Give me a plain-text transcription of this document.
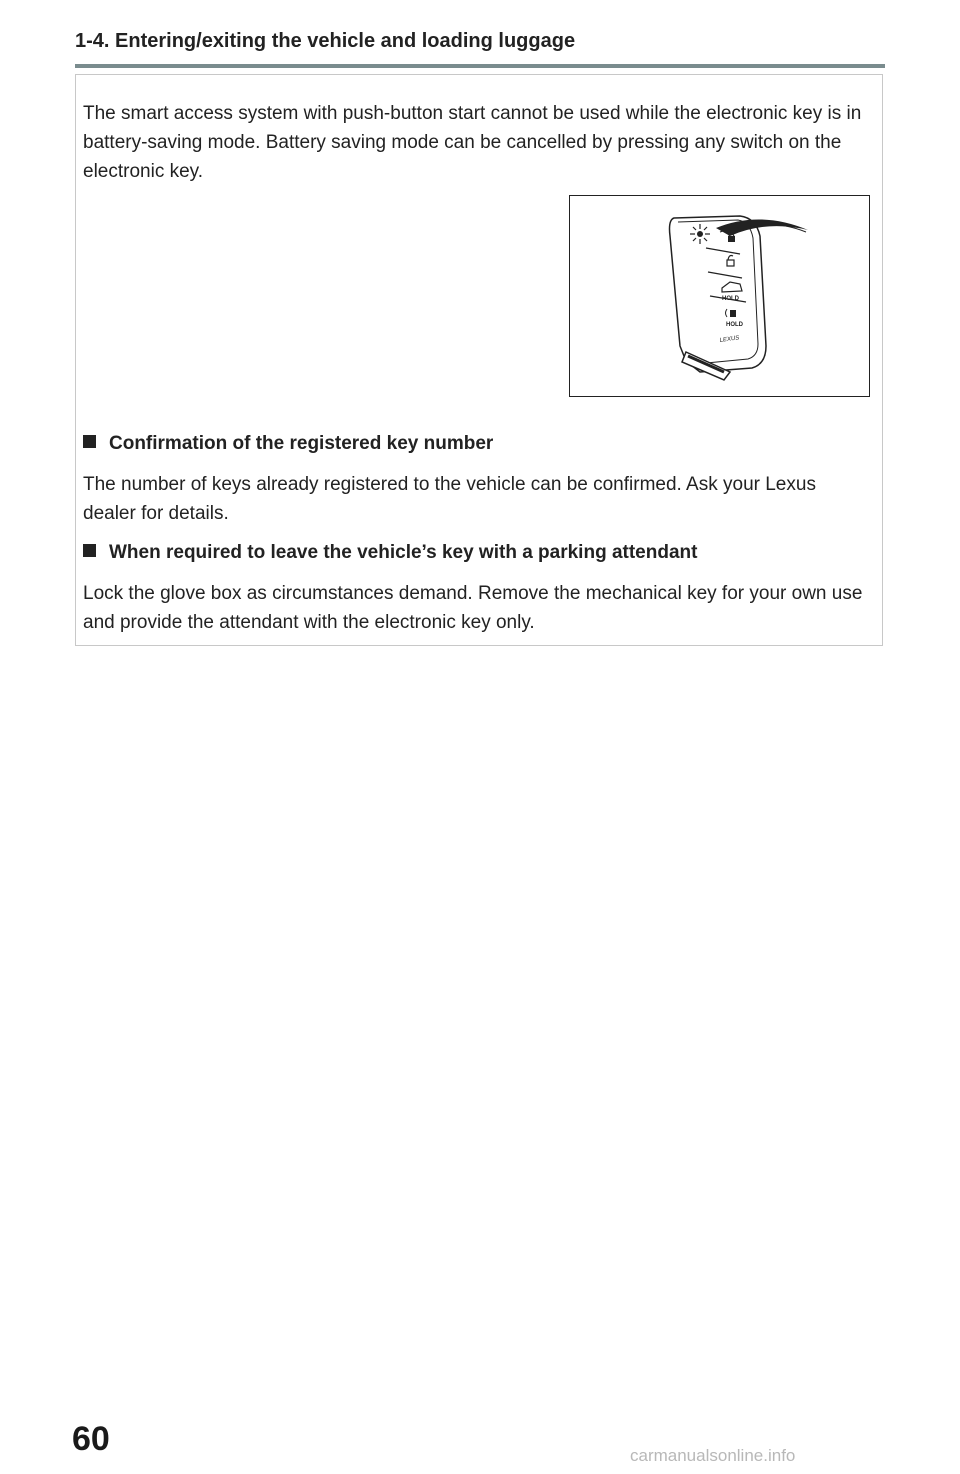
1-4. Entering/exiting the vehicle and loading luggage
The smart access system with push-button start cannot be used while the electronic key is in battery-saving mode. Battery saving mode can be cancelled by pressing any switch on the electronic key.
HOLD
HOLD
LEXUS
Confirmation of the registered key number
The number of keys already registered to the vehicle can be confirmed. Ask your Lexus dealer for details.
When required to leave the vehicle’s key with a parking attendant
Lock the glove box as circumstances demand. Remove the mechanical key for your own use and provide the attendant with the electronic key only.
60	carmanualsonline.info
